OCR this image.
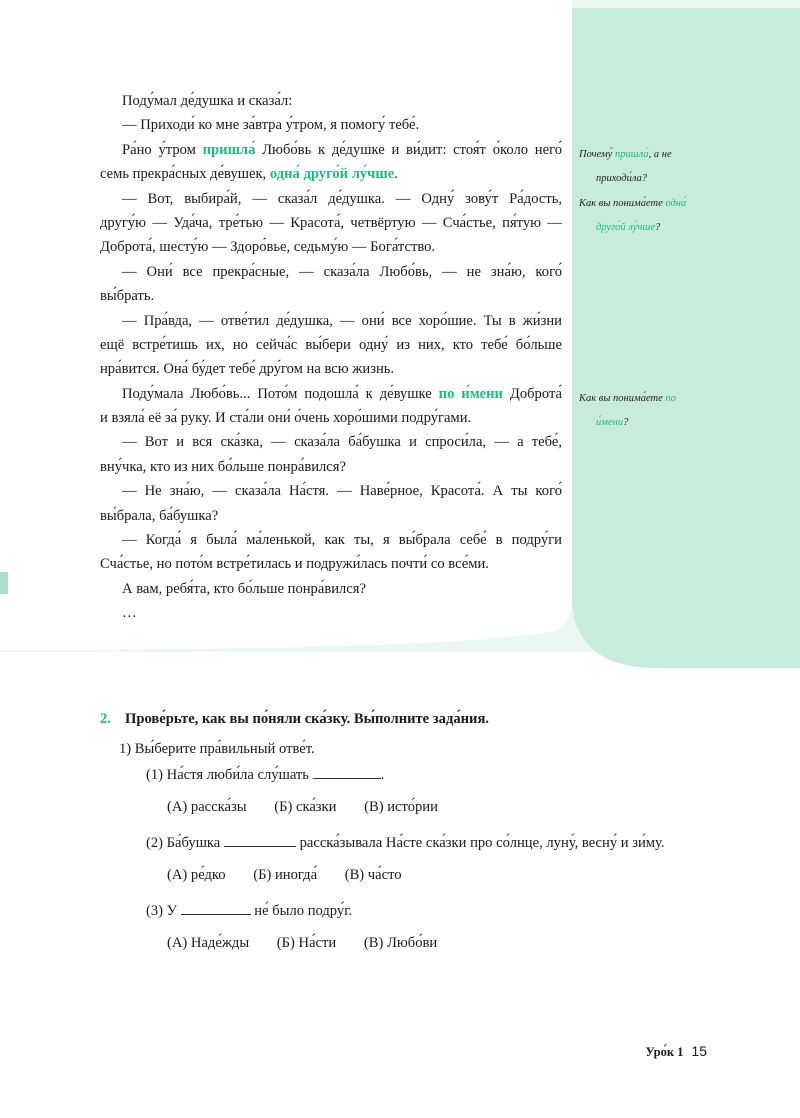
Поду́мал де́душка и сказа́л:
— Приходи́ ко мне за́втра у́тром, я помогу́ тебе́.
Ра́но у́тром пришла́ Любо́вь к де́душке и ви́дит: стоя́т о́коло него́
семь прекра́сных де́вушек, одна́ друго́й лу́чше.
— Вот, выбира́й, — сказа́л де́душка. — Одну́ зову́т Ра́дость,
другу́ю — Уда́ча, тре́тью — Красота́, четвёртую — Сча́стье, пя́тую —
Доброта́, шесту́ю — Здоро́вье, седьму́ю — Бога́тство.
— Они́ все прекра́сные, — сказа́ла Любо́вь, — не зна́ю, кого́
вы́брать.
— Пра́вда, — отве́тил де́душка, — они́ все хоро́шие. Ты в жи́зни
ещё встре́тишь их, но сейча́с вы́бери одну́ из них, кто тебе́ бо́льше
нра́вится. Она́ бу́дет тебе́ дру́гом на всю жизнь.
Поду́мала Любо́вь... Пото́м подошла́ к де́вушке по и́мени Доброта́
и взяла́ её за́ руку. И ста́ли они́ о́чень хоро́шими подру́гами.
— Вот и вся ска́зка, — сказа́ла ба́бушка и спроси́ла, — а тебе́,
вну́чка, кто из них бо́льше понра́вился?
— Не зна́ю, — сказа́ла На́стя. — Наве́рное, Красота́. А ты кого́
вы́брала, ба́бушка?
— Когда́ я была́ ма́ленькой, как ты, я вы́брала себе́ в подру́ги
Сча́стье, но пото́м встре́тилась и подружи́лась почти́ со все́ми.
А вам, ребя́та, кто бо́льше понра́вился?
…
Почему́ пришла́, а не
приходи́ла?
Как вы понима́ете одна́
друго́й лу́чше?
Как вы понима́ете по
и́мени?
2. Прове́рьте, как вы по́няли ска́зку. Вы́полните зада́ния.
1) Вы́берите пра́вильный отве́т.
(1) На́стя люби́ла слу́шать	.
(А) расска́зы (Б) ска́зки (В) исто́рии
(2) Ба́бушка	расска́зывала На́сте ска́зки про со́лнце, луну́, весну́ и зи́му.
(А) ре́дко (Б) иногда́ (В) ча́сто
(3) У	не́ было подру́г.
(А) Наде́жды (Б) На́сти (В) Любо́ви
Уро́к 1 15
